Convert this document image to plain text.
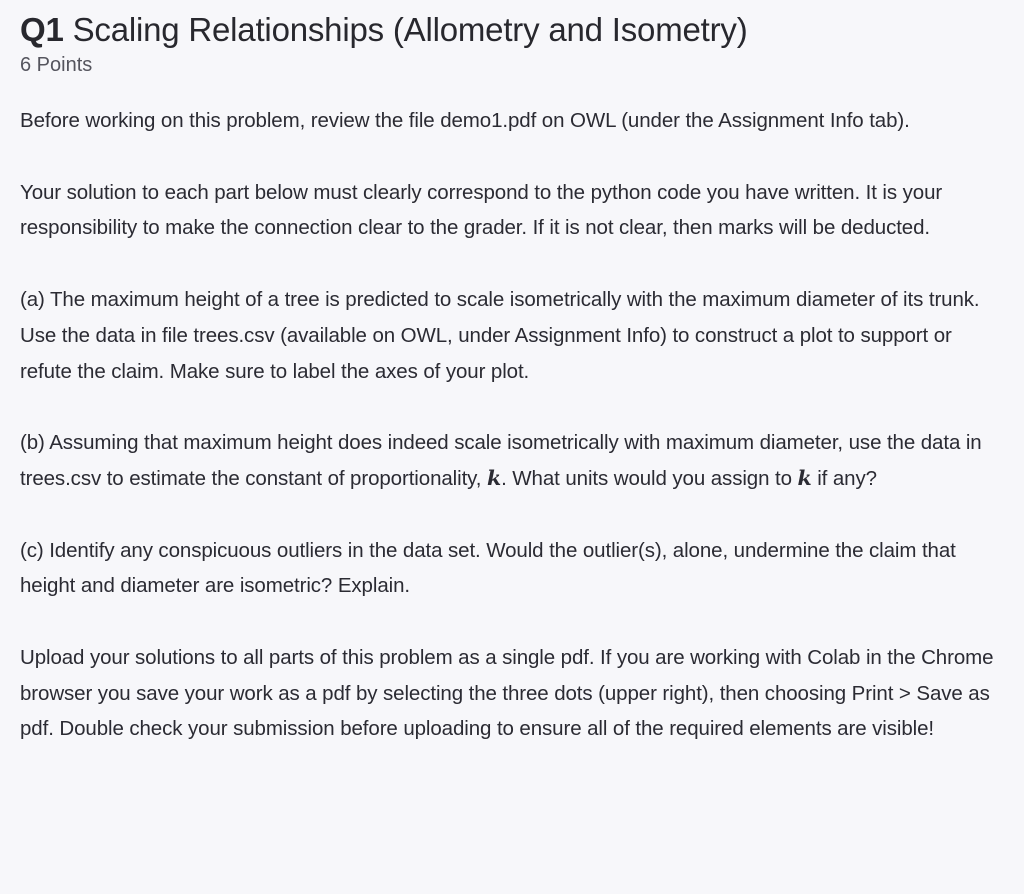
Q1 Scaling Relationships (Allometry and Isometry)
6 Points

Before working on this problem, review the file demo1.pdf on OWL (under the Assignment Info tab).

Your solution to each part below must clearly correspond to the python code you have written. It is your responsibility to make the connection clear to the grader. If it is not clear, then marks will be deducted.

(a) The maximum height of a tree is predicted to scale isometrically with the maximum diameter of its trunk. Use the data in file trees.csv (available on OWL, under Assignment Info) to construct a plot to support or refute the claim. Make sure to label the axes of your plot.

(b) Assuming that maximum height does indeed scale isometrically with maximum diameter, use the data in trees.csv to estimate the constant of proportionality, k. What units would you assign to k if any?

(c) Identify any conspicuous outliers in the data set. Would the outlier(s), alone, undermine the claim that height and diameter are isometric? Explain.

Upload your solutions to all parts of this problem as a single pdf. If you are working with Colab in the Chrome browser you save your work as a pdf by selecting the three dots (upper right), then choosing Print > Save as pdf. Double check your submission before uploading to ensure all of the required elements are visible!
